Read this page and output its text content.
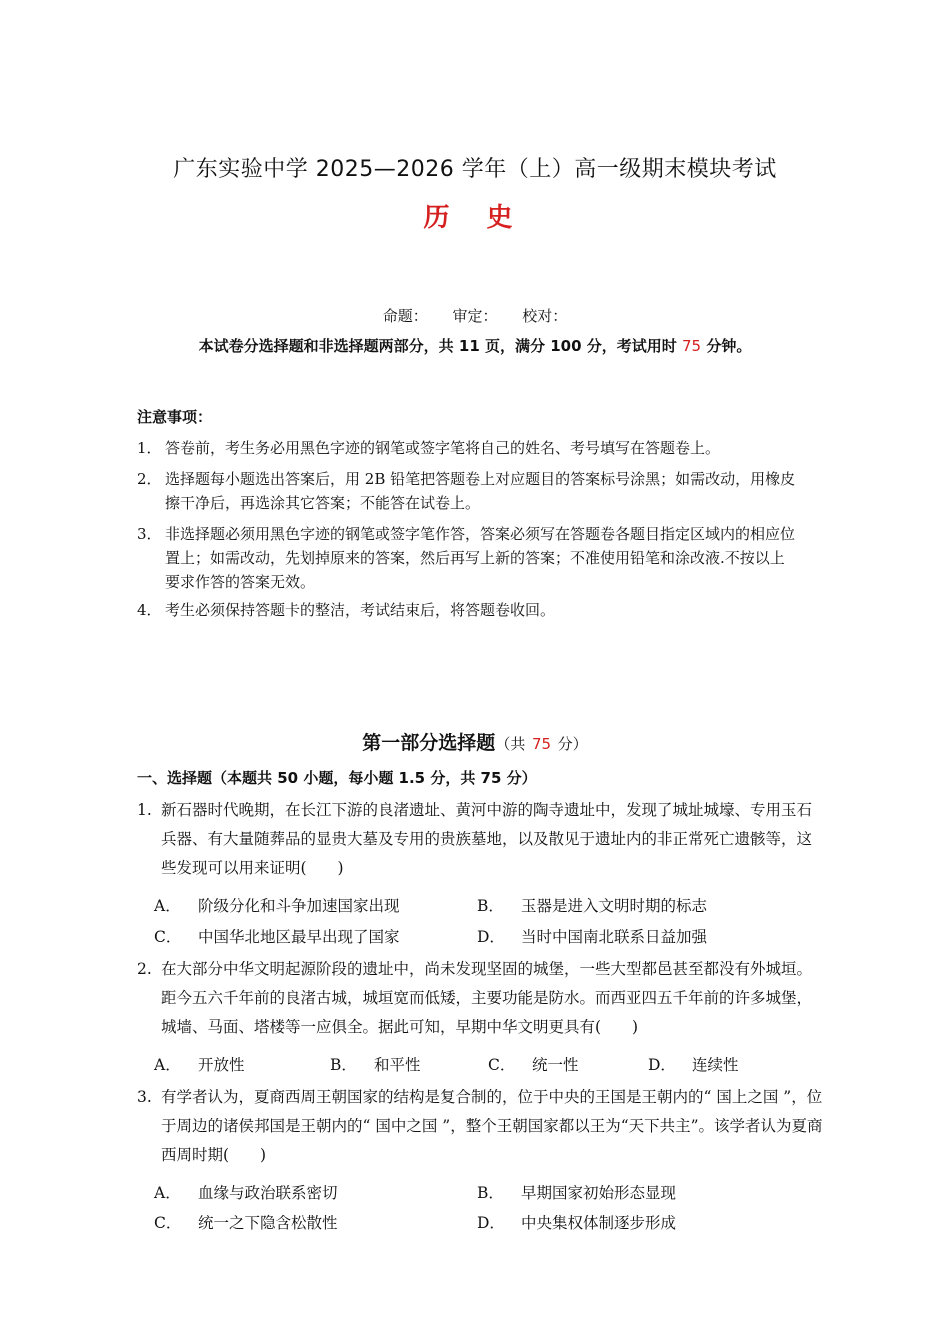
广东实验中学 2025—2026 学年（上）高一级期末模块考试
历 史
命题： 审定： 校对：
本试卷分选择题和非选择题两部分，共 11 页，满分 100 分，考试用时 75 分钟。
注意事项：
1． 答卷前，考生务必用黑色字迹的钢笔或签字笔将自己的姓名、考号填写在答题卷上。
2． 选择题每小题选出答案后，用 2B 铅笔把答题卷上对应题目的答案标号涂黑；如需改动，用橡皮擦干净后，再选涂其它答案；不能答在试卷上。
3． 非选择题必须用黑色字迹的钢笔或签字笔作答，答案必须写在答题卷各题目指定区域内的相应位置上；如需改动，先划掉原来的答案，然后再写上新的答案；不准使用铅笔和涂改液.不按以上要求作答的答案无效。
4． 考生必须保持答题卡的整洁，考试结束后，将答题卷收回。
第一部分选择题（共 75 分）
一、选择题（本题共 50 小题，每小题 1.5 分，共 75 分）
1. 新石器时代晚期，在长江下游的良渚遗址、黄河中游的陶寺遗址中，发现了城址城壕、专用玉石兵器、有大量随葬品的显贵大墓及专用的贵族墓地，以及散见于遗址内的非正常死亡遗骸等，这些发现可以用来证明(　　)
A． 阶级分化和斗争加速国家出现	B． 玉器是进入文明时期的标志
C． 中国华北地区最早出现了国家	D． 当时中国南北联系日益加强
2. 在大部分中华文明起源阶段的遗址中，尚未发现坚固的城堡，一些大型都邑甚至都没有外城垣。距今五六千年前的良渚古城，城垣宽而低矮，主要功能是防水。而西亚四五千年前的许多城堡，城墙、马面、塔楼等一应俱全。据此可知，早期中华文明更具有(　　)
A． 开放性	B． 和平性	C． 统一性	D． 连续性
3. 有学者认为，夏商西周王朝国家的结构是复合制的，位于中央的王国是王朝内的“ 国上之国 ”，位于周边的诸侯邦国是王朝内的“ 国中之国 ”，整个王朝国家都以王为“天下共主”。该学者认为夏商西周时期(　　)
A． 血缘与政治联系密切	B． 早期国家初始形态显现
C． 统一之下隐含松散性	D． 中央集权体制逐步形成
